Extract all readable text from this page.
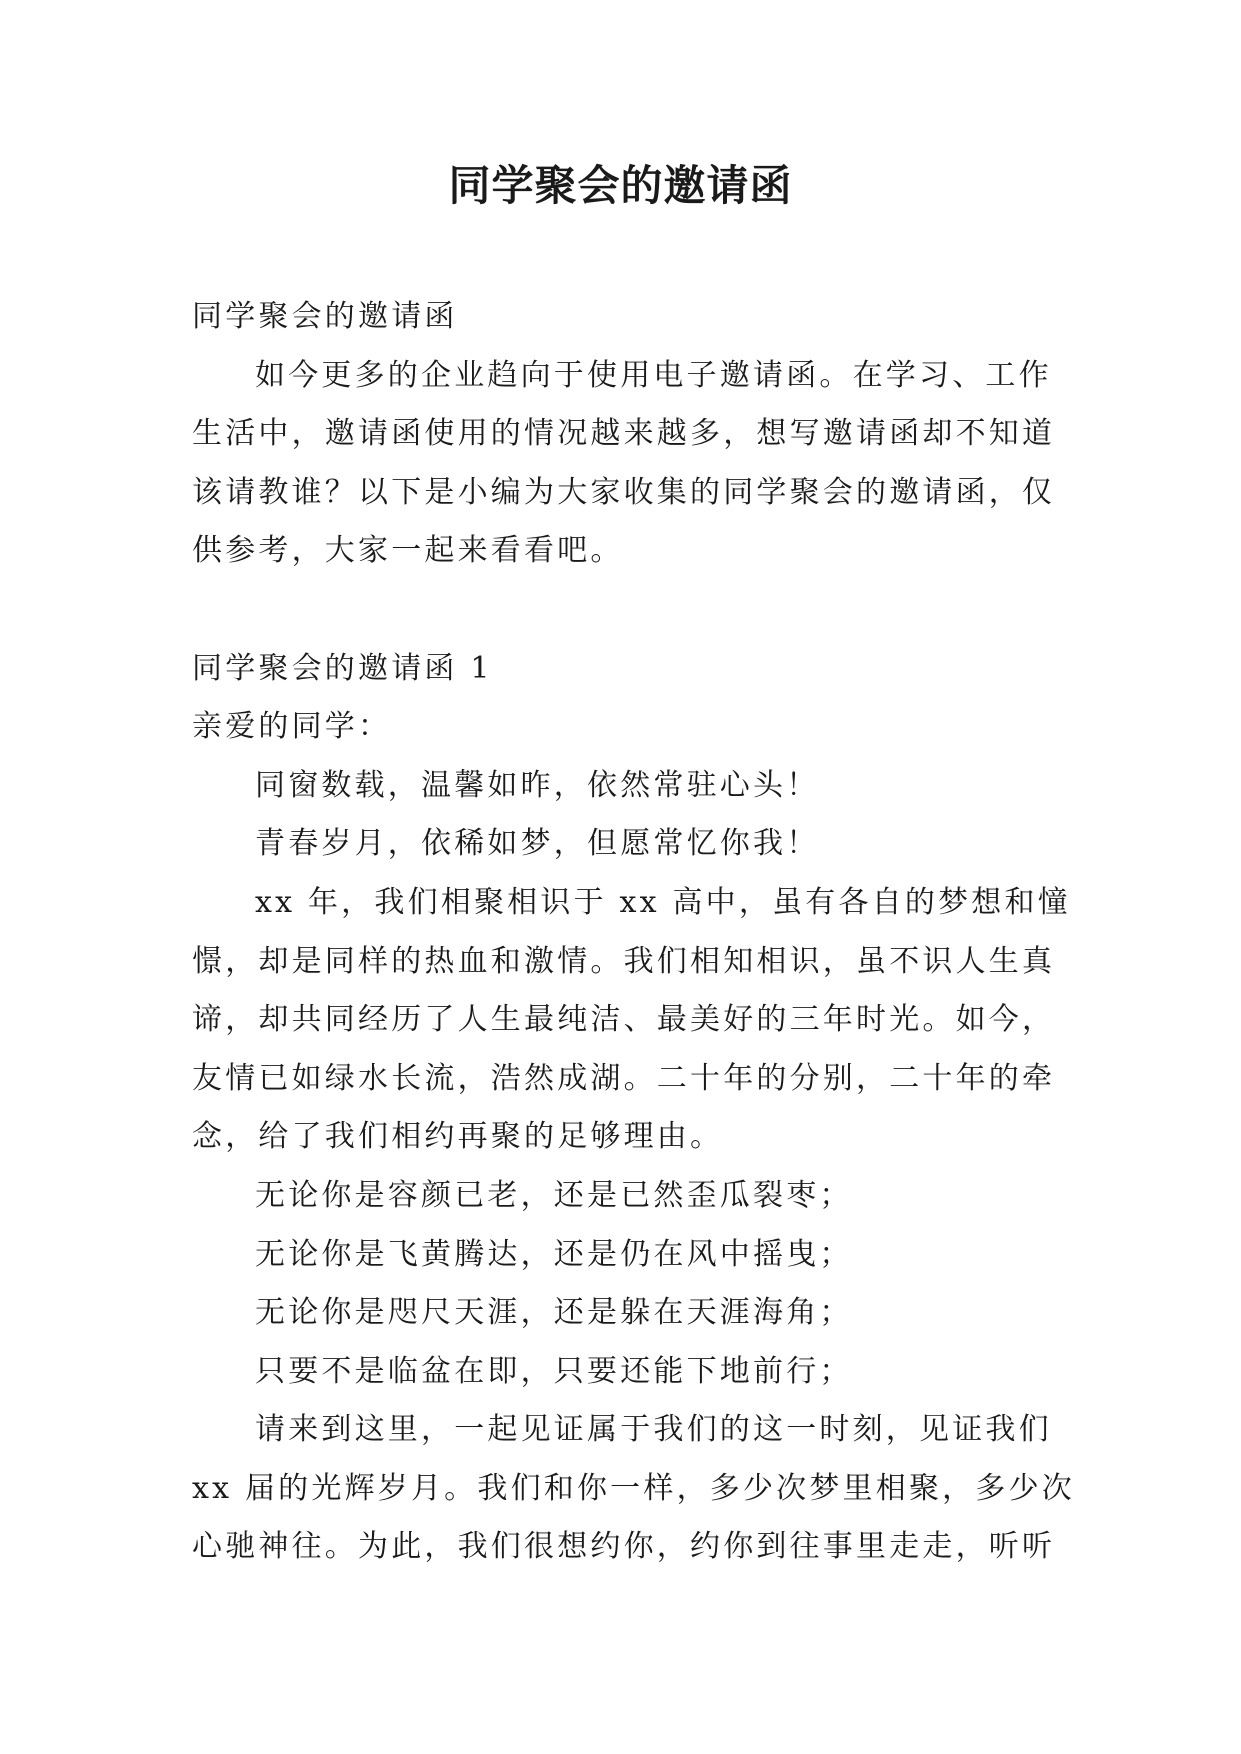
同学聚会的邀请函

同学聚会的邀请函

如今更多的企业趋向于使用电子邀请函。在学习、工作

生活中，邀请函使用的情况越来越多，想写邀请函却不知道

该请教谁？以下是小编为大家收集的同学聚会的邀请函，仅

供参考，大家一起来看看吧。

同学聚会的邀请函 1

亲爱的同学：

同窗数载，温馨如昨，依然常驻心头！

青春岁月，依稀如梦，但愿常忆你我！

xx 年，我们相聚相识于 xx 高中，虽有各自的梦想和憧

憬，却是同样的热血和激情。我们相知相识，虽不识人生真

谛，却共同经历了人生最纯洁、最美好的三年时光。如今，

友情已如绿水长流，浩然成湖。二十年的分别，二十年的牵

念，给了我们相约再聚的足够理由。

无论你是容颜已老，还是已然歪瓜裂枣；

无论你是飞黄腾达，还是仍在风中摇曳；

无论你是咫尺天涯，还是躲在天涯海角；

只要不是临盆在即，只要还能下地前行；

请来到这里，一起见证属于我们的这一时刻，见证我们

xx 届的光辉岁月。我们和你一样，多少次梦里相聚，多少次

心驰神往。为此，我们很想约你，约你到往事里走走，听听
